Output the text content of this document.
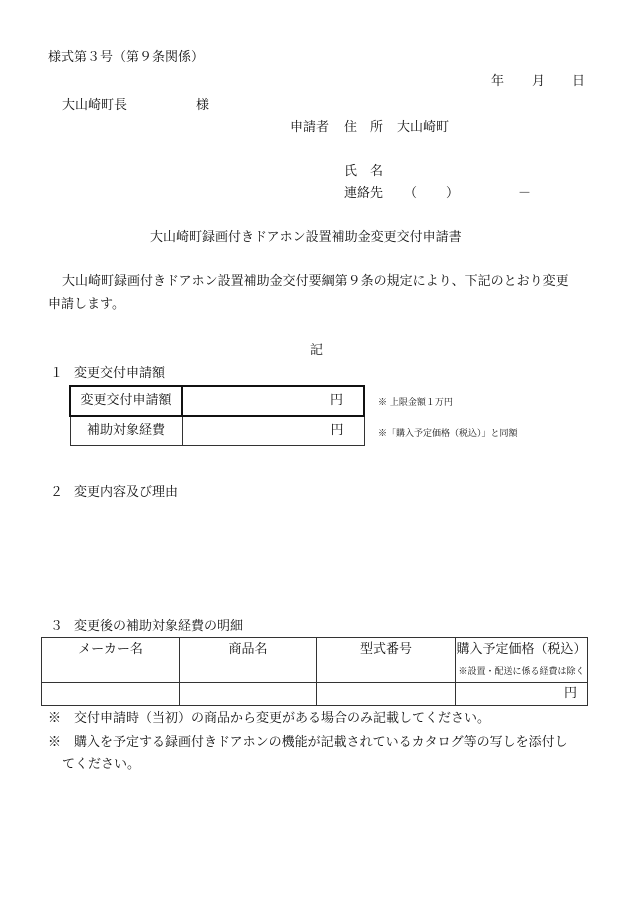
様式第３号（第９条関係）
年 月 日
大山崎町長	様
申請者 住　所 大山崎町
氏　名
連絡先 （ ）	－
大山崎町録画付きドアホン設置補助金変更交付申請書
大山崎町録画付きドアホン設置補助金交付要綱第９条の規定により、下記のとおり変更
申請します。
記
１ 変更交付申請額
変更交付申請額	円
補助対象経費	円
※ 上限金額１万円
※「購入予定価格（税込）」と同額
２ 変更内容及び理由
３ 変更後の補助対象経費の明細
メーカー名	商品名	型式番号	購入予定価格（税込）
※設置・配送に係る経費は除く

			円
※　交付申請時（当初）の商品から変更がある場合のみ記載してください。
※　購入を予定する録画付きドアホンの機能が記載されているカタログ等の写しを添付し
てください。
